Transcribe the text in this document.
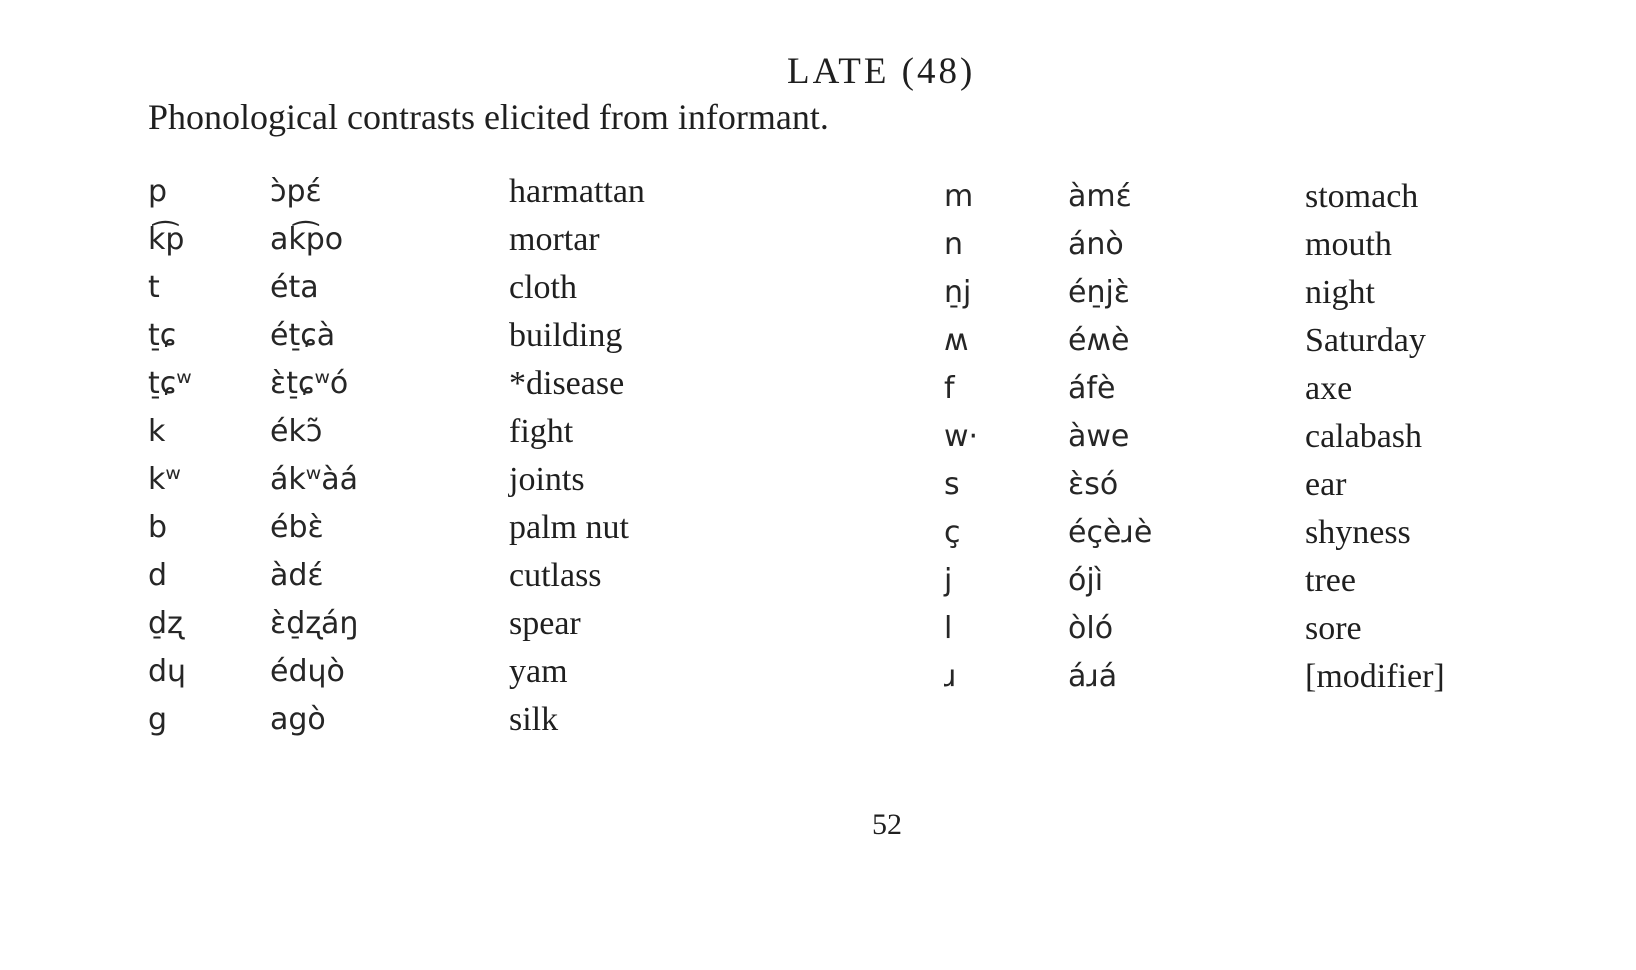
LATE (48)
Phonological contrasts elicited from informant.
p	ɔ̀pɛ́	harmattan
k͡p	ak͡po	mortar
t	éta	cloth
t̠ɕ	ét̠ɕà	building
t̠ɕʷ	ɛ̀t̠ɕʷó	*disease
k	ékɔ̃	fight
kʷ	ákʷàá	joints
b	ébɛ̀	palm nut
d	àdɛ́	cutlass
d̠ʐ	ɛ̀d̠ʐáŋ	spear
dɥ	édɥò	yam
g	agò	silk
m	àmɛ́	stomach
n	ánò	mouth
n̠j	én̠jɛ̀	night
ʍ	éʍè	Saturday
f	áfè	axe
w·	àwe	calabash
s	ɛ̀só	ear
ç	éçèɹè	shyness
j	ójì	tree
l	òló	sore
ɹ	áɹá	[modifier]
52
